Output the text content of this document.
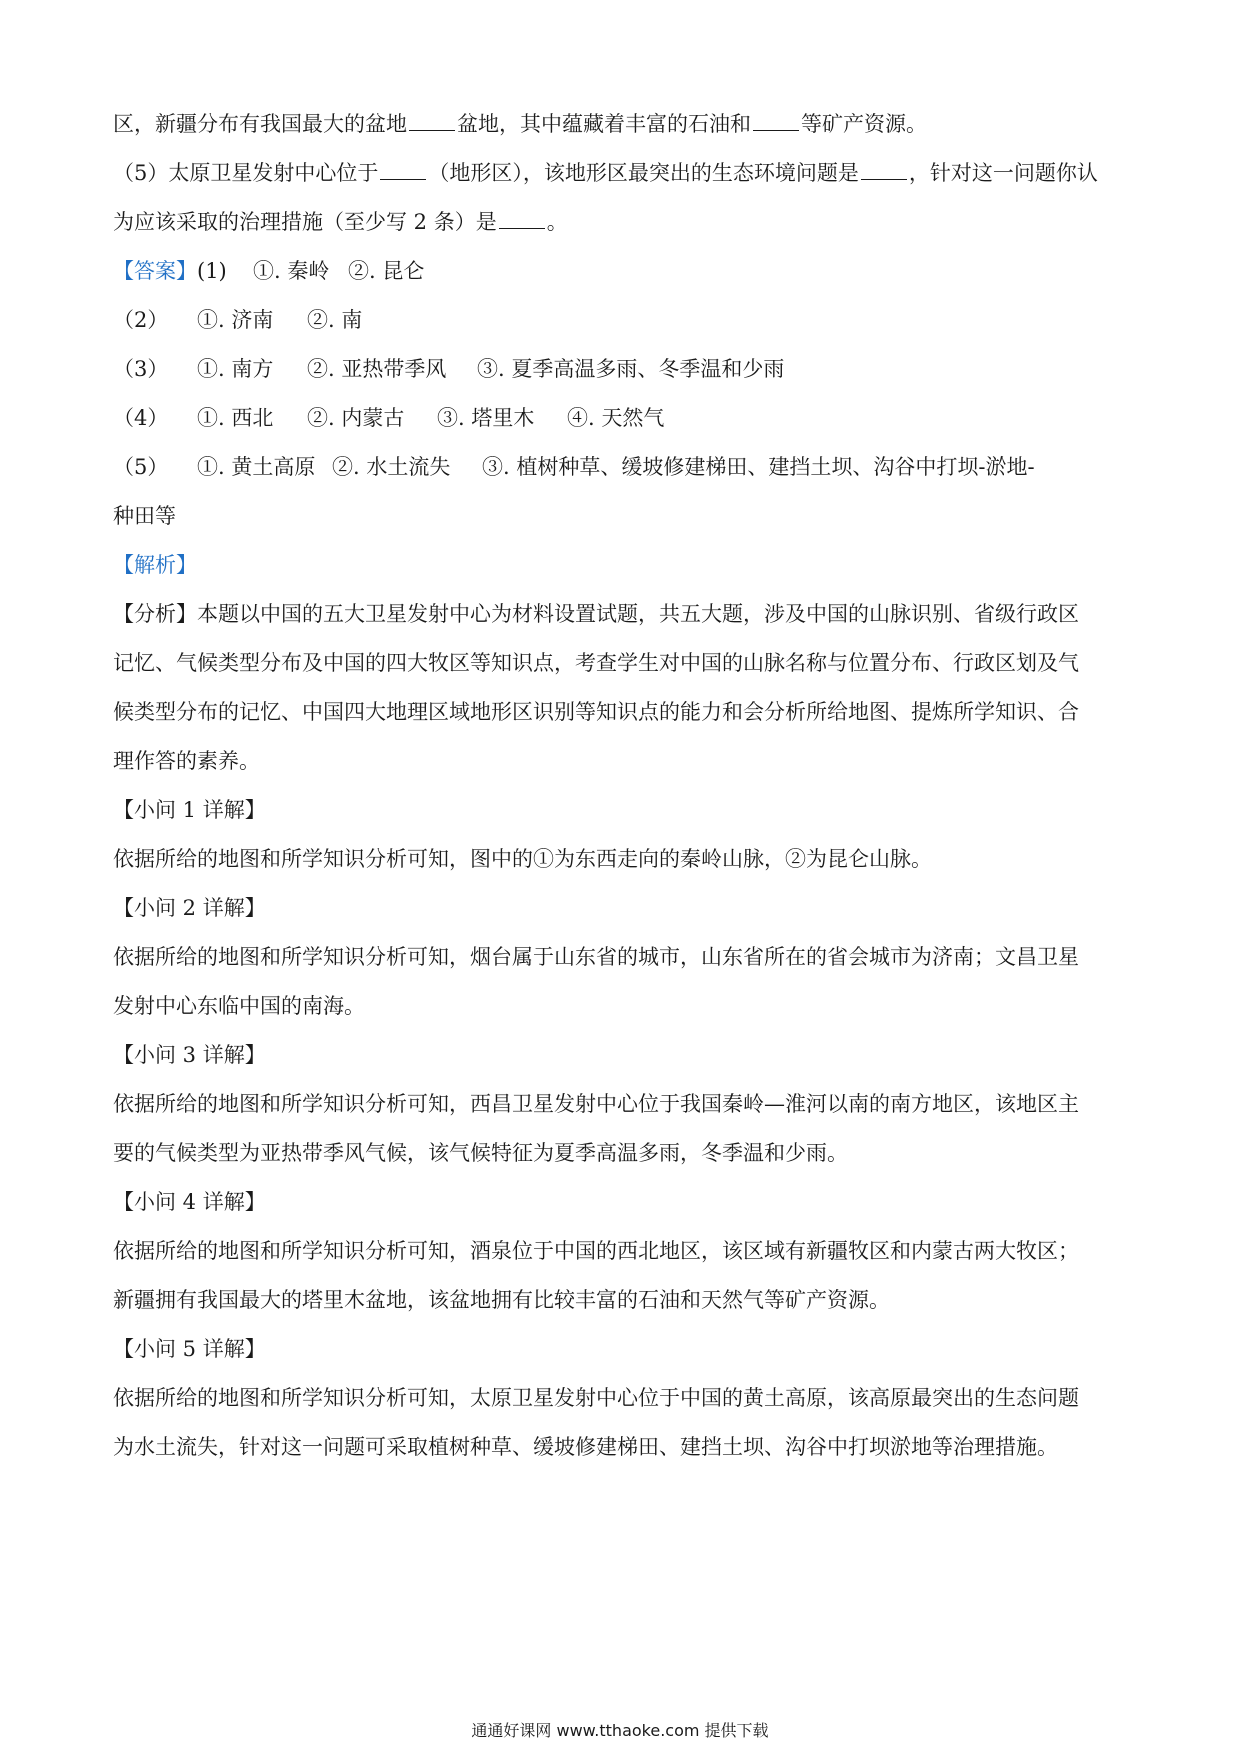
区，新疆分布有我国最大的盆地 盆地，其中蕴藏着丰富的石油和 等矿产资源。
（5）太原卫星发射中心位于 （地形区），该地形区最突出的生态环境问题是 ，针对这一问题你认
为应该采取的治理措施（至少写 2 条）是 。
【答案】(1) ①. 秦岭 ②. 昆仑
（2） ①. 济南 ②. 南
（3） ①. 南方 ②. 亚热带季风 ③. 夏季高温多雨、冬季温和少雨
（4） ①. 西北 ②. 内蒙古 ③. 塔里木 ④. 天然气
（5） ①. 黄土高原 ②. 水土流失 ③. 植树种草、缓坡修建梯田、建挡土坝、沟谷中打坝-淤地-
种田等
【解析】
【分析】本题以中国的五大卫星发射中心为材料设置试题，共五大题，涉及中国的山脉识别、省级行政区
记忆、气候类型分布及中国的四大牧区等知识点，考查学生对中国的山脉名称与位置分布、行政区划及气
候类型分布的记忆、中国四大地理区域地形区识别等知识点的能力和会分析所给地图、提炼所学知识、合
理作答的素养。
【小问 1 详解】
依据所给的地图和所学知识分析可知，图中的①为东西走向的秦岭山脉，②为昆仑山脉。
【小问 2 详解】
依据所给的地图和所学知识分析可知，烟台属于山东省的城市，山东省所在的省会城市为济南；文昌卫星
发射中心东临中国的南海。
【小问 3 详解】
依据所给的地图和所学知识分析可知，西昌卫星发射中心位于我国秦岭—淮河以南的南方地区，该地区主
要的气候类型为亚热带季风气候，该气候特征为夏季高温多雨，冬季温和少雨。
【小问 4 详解】
依据所给的地图和所学知识分析可知，酒泉位于中国的西北地区，该区域有新疆牧区和内蒙古两大牧区；
新疆拥有我国最大的塔里木盆地，该盆地拥有比较丰富的石油和天然气等矿产资源。
【小问 5 详解】
依据所给的地图和所学知识分析可知，太原卫星发射中心位于中国的黄土高原，该高原最突出的生态问题
为水土流失，针对这一问题可采取植树种草、缓坡修建梯田、建挡土坝、沟谷中打坝淤地等治理措施。
通通好课网 www.tthaoke.com 提供下载
